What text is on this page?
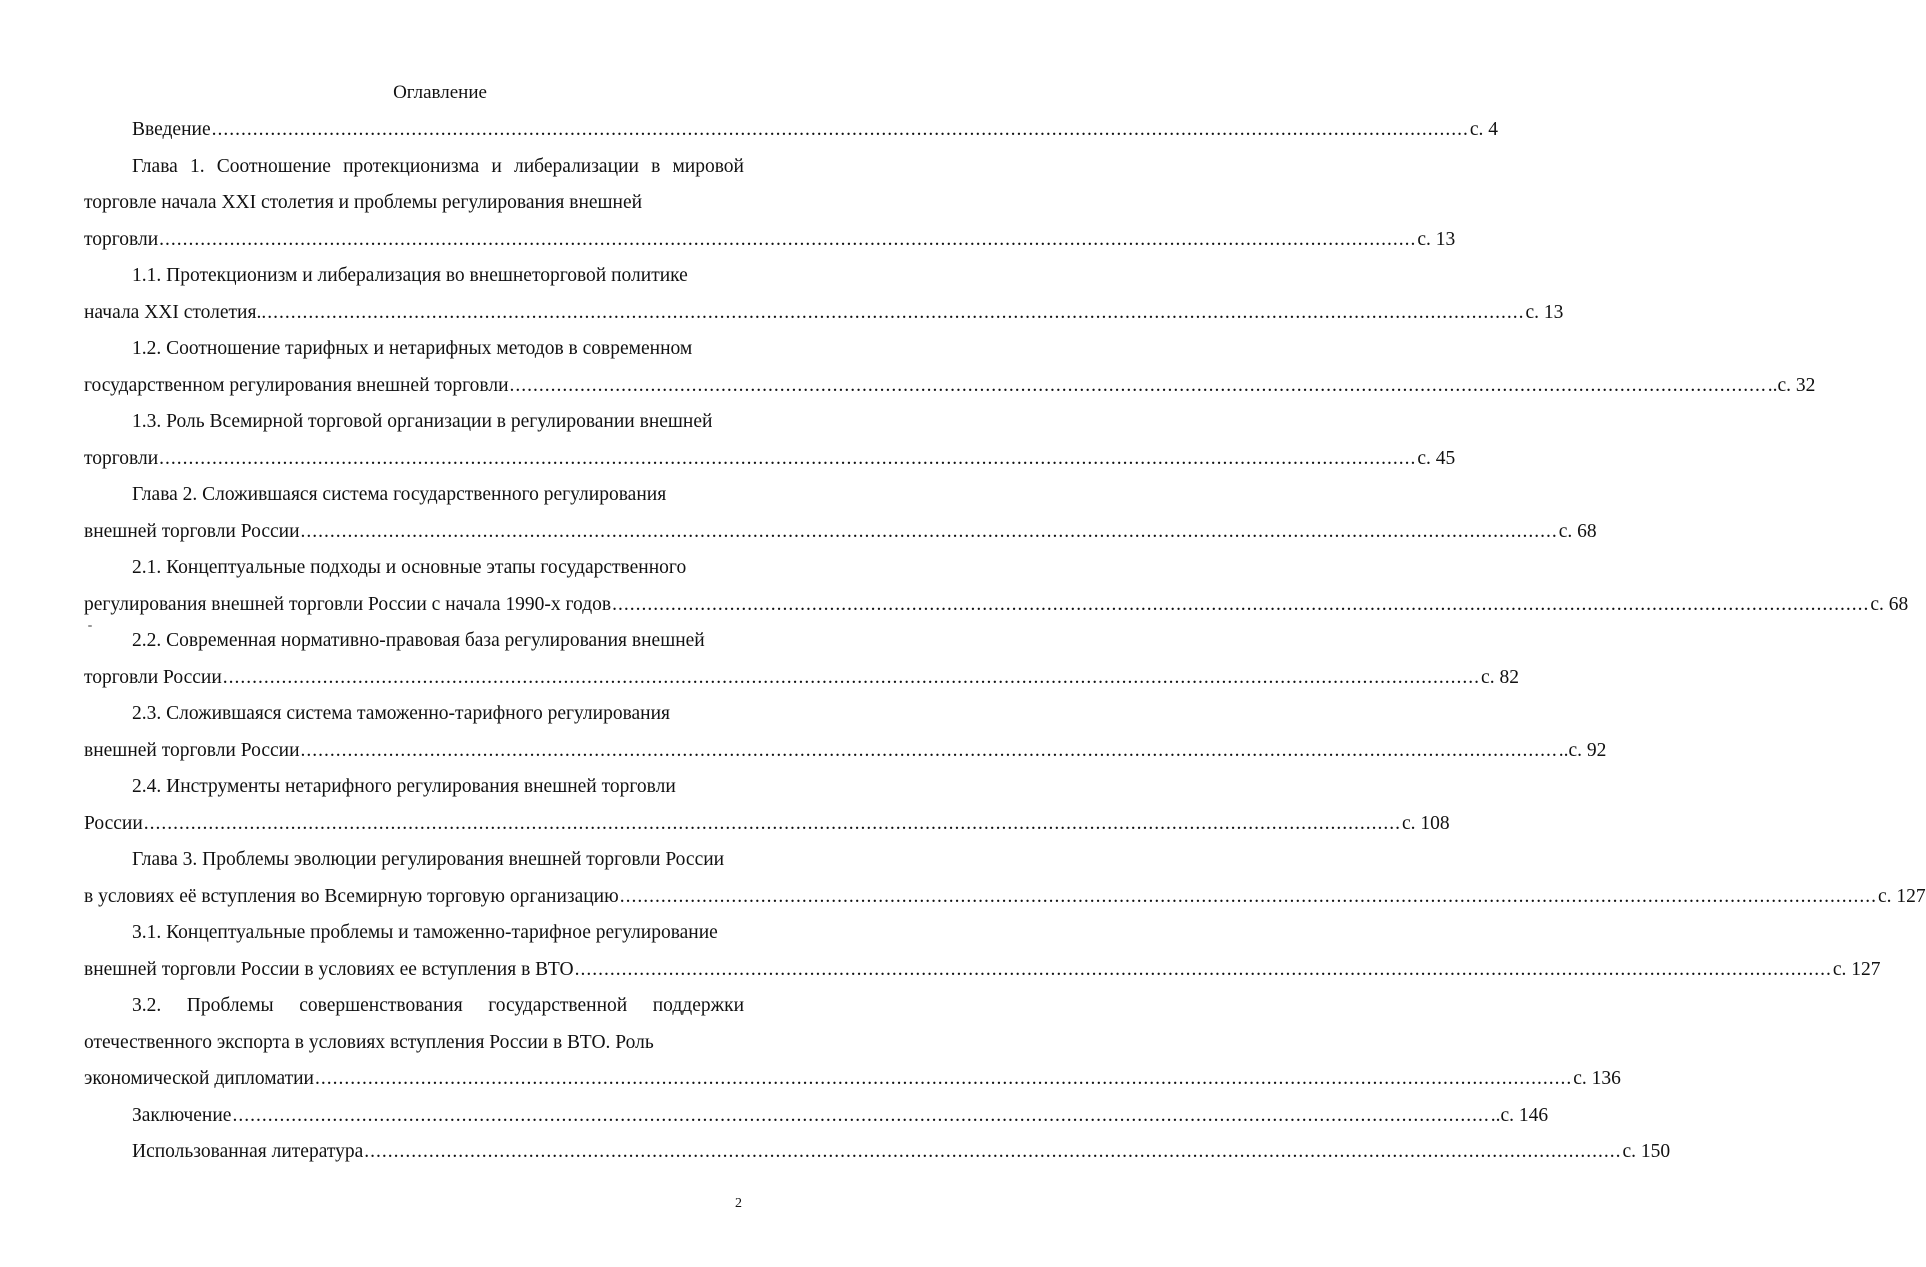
Оглавление
Введение ...................................................................................................................................................................................................................... с. 4
Глава 1. Соотношение протекционизма и либерализации в мировой торговле начала XXI столетия и проблемы регулирования внешней
торговли ...................................................................................................................................................................................................................... с. 13
1.1. Протекционизм и либерализация во внешнеторговой политике
начала XXI столетия.. ...................................................................................................................................................................................................................... с. 13
1.2. Соотношение тарифных и нетарифных методов в современном
государственном регулирования внешней торговли ...................................................................................................................................................................................................................... ..с. 32
1.3. Роль Всемирной торговой организации в регулировании внешней
торговли ...................................................................................................................................................................................................................... с. 45
Глава 2. Сложившаяся система государственного регулирования
внешней торговли России ...................................................................................................................................................................................................................... с. 68
2.1. Концептуальные подходы и основные этапы государственного
регулирования внешней торговли России с начала 1990-х годов ...................................................................................................................................................................................................................... с. 68
2.2. Современная нормативно-правовая база регулирования внешней
торговли России ...................................................................................................................................................................................................................... с. 82
2.3. Сложившаяся система таможенно-тарифного регулирования
внешней торговли России ...................................................................................................................................................................................................................... ..с. 92
2.4. Инструменты нетарифного регулирования внешней торговли
России ...................................................................................................................................................................................................................... с. 108
Глава 3. Проблемы эволюции регулирования внешней торговли России
в условиях её вступления во Всемирную торговую организацию ...................................................................................................................................................................................................................... с. 127
3.1. Концептуальные проблемы и таможенно-тарифное регулирование
внешней торговли России в условиях ее вступления в ВТО ...................................................................................................................................................................................................................... с. 127
3.2. Проблемы совершенствования государственной поддержки отечественного экспорта в условиях вступления России в ВТО. Роль
экономической дипломатии ...................................................................................................................................................................................................................... с. 136
Заключение ...................................................................................................................................................................................................................... ..с. 146
Использованная литература ...................................................................................................................................................................................................................... с. 150
2
